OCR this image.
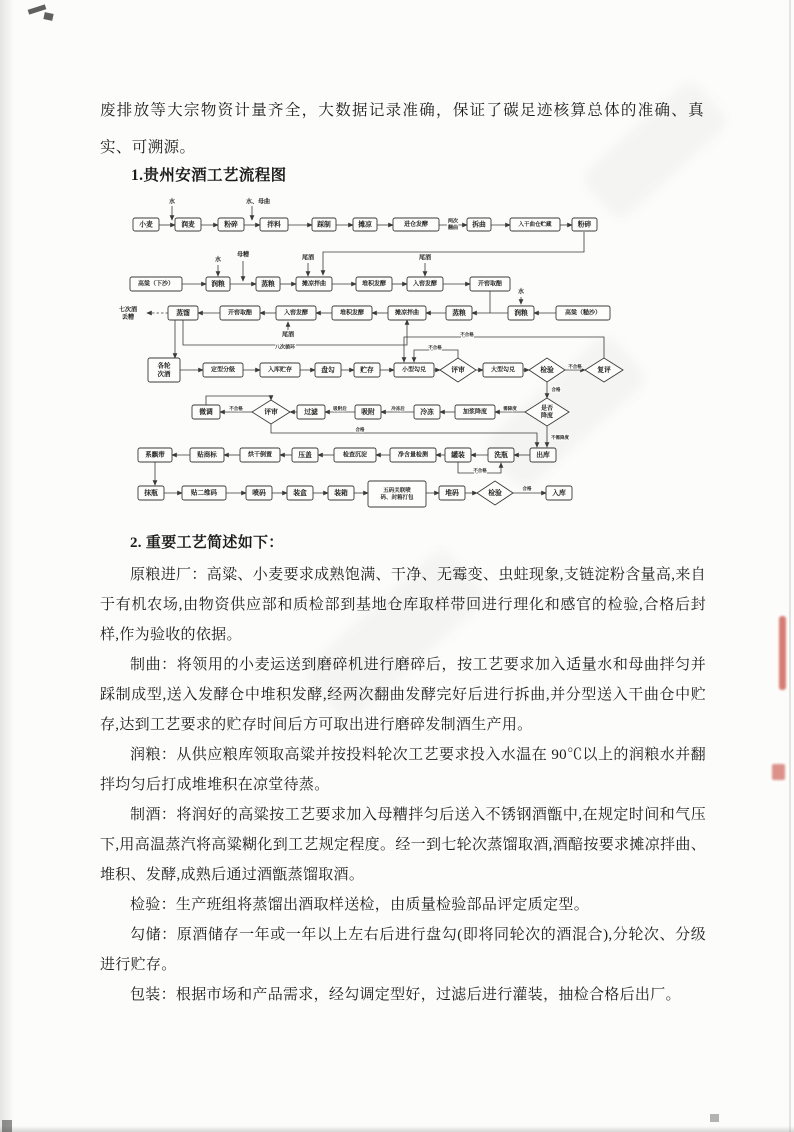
废排放等大宗物资计量齐全，大数据记录准确，保证了碳足迹核算总体的准确、真实、可溯源。
1.贵州安酒工艺流程图
八次循环
不合格
不合格
不合格
合格
需降度
冷冻后
吸附后
不合格
合格
不需降度
不合格
合格
小麦	润麦	粉碎	拌料	踩制	摊凉	进仓发酵	拆曲	入干曲仓贮藏	粉碎
高粱（下沙）	润粮	蒸粮	摊凉拌曲	堆积发酵	入窖发酵	开窖取醅
蒸馏	开窖取醅	入窖发酵	堆积发酵	摊凉拌曲	蒸粮	润粮	高粱（糙沙）
各轮
次酒
定型分级	入库贮存	盘勾	贮存	小型勾兑	评审	大型勾兑	检验	复评
微调	评审	过滤	吸附	冷冻	加浆降度
是否
降度
系飘带	贴商标	烘干倒置	压盖	检查沉淀	净含量检测	罐装	洗瓶	出库
抹瓶	贴二维码	喷码	装盒	装箱	五码关联喷
码、封箱打包
堆码	检验	入库
水	水、母曲
两次
翻曲
水
母糟	尾酒	尾酒
七次酒
丢糟
水
尾酒

2. 重要工艺简述如下：

原粮进厂：高粱、小麦要求成熟饱满、干净、无霉变、虫蛀现象,支链淀粉含量高,来自于有机农场,由物资供应部和质检部到基地仓库取样带回进行理化和感官的检验,合格后封样,作为验收的依据。

制曲：将领用的小麦运送到磨碎机进行磨碎后，按工艺要求加入适量水和母曲拌匀并踩制成型,送入发酵仓中堆积发酵,经两次翻曲发酵完好后进行拆曲,并分型送入干曲仓中贮存,达到工艺要求的贮存时间后方可取出进行磨碎发制酒生产用。

润粮：从供应粮库领取高粱并按投料轮次工艺要求投入水温在 90℃以上的润粮水并翻拌均匀后打成堆堆积在凉堂待蒸。

制酒：将润好的高粱按工艺要求加入母糟拌匀后送入不锈钢酒甑中,在规定时间和气压下,用高温蒸汽将高粱糊化到工艺规定程度。经一到七轮次蒸馏取酒,酒醅按要求摊凉拌曲、堆积、发酵,成熟后通过酒甑蒸馏取酒。

检验：生产班组将蒸馏出酒取样送检，由质量检验部品评定质定型。

勾储：原酒储存一年或一年以上左右后进行盘勾(即将同轮次的酒混合),分轮次、分级进行贮存。

包装：根据市场和产品需求，经勾调定型好，过滤后进行灌装，抽检合格后出厂。
